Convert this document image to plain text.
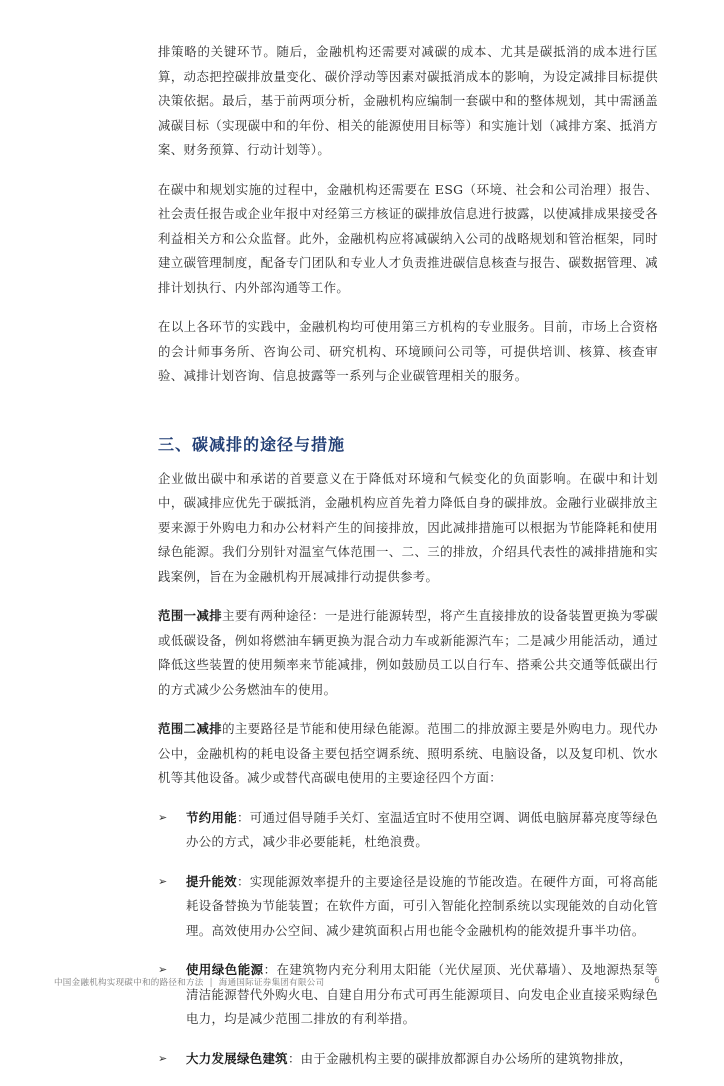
排策略的关键环节。随后，金融机构还需要对减碳的成本、尤其是碳抵消的成本进行匡算，动态把控碳排放量变化、碳价浮动等因素对碳抵消成本的影响，为设定减排目标提供决策依据。最后，基于前两项分析，金融机构应编制一套碳中和的整体规划，其中需涵盖减碳目标（实现碳中和的年份、相关的能源使用目标等）和实施计划（减排方案、抵消方案、财务预算、行动计划等）。

在碳中和规划实施的过程中，金融机构还需要在 ESG（环境、社会和公司治理）报告、社会责任报告或企业年报中对经第三方核证的碳排放信息进行披露，以使减排成果接受各利益相关方和公众监督。此外，金融机构应将减碳纳入公司的战略规划和管治框架，同时建立碳管理制度，配备专门团队和专业人才负责推进碳信息核查与报告、碳数据管理、减排计划执行、内外部沟通等工作。

在以上各环节的实践中，金融机构均可使用第三方机构的专业服务。目前，市场上合资格的会计师事务所、咨询公司、研究机构、环境顾问公司等，可提供培训、核算、核查审验、减排计划咨询、信息披露等一系列与企业碳管理相关的服务。

三、碳减排的途径与措施

企业做出碳中和承诺的首要意义在于降低对环境和气候变化的负面影响。在碳中和计划中，碳减排应优先于碳抵消，金融机构应首先着力降低自身的碳排放。金融行业碳排放主要来源于外购电力和办公材料产生的间接排放，因此减排措施可以根据为节能降耗和使用绿色能源。我们分别针对温室气体范围一、二、三的排放，介绍具代表性的减排措施和实践案例，旨在为金融机构开展减排行动提供参考。

范围一减排主要有两种途径：一是进行能源转型，将产生直接排放的设备装置更换为零碳或低碳设备，例如将燃油车辆更换为混合动力车或新能源汽车；二是减少用能活动，通过降低这些装置的使用频率来节能减排，例如鼓励员工以自行车、搭乘公共交通等低碳出行的方式减少公务燃油车的使用。

范围二减排的主要路径是节能和使用绿色能源。范围二的排放源主要是外购电力。现代办公中，金融机构的耗电设备主要包括空调系统、照明系统、电脑设备，以及复印机、饮水机等其他设备。减少或替代高碳电使用的主要途径四个方面：

➢	节约用能：可通过倡导随手关灯、室温适宜时不使用空调、调低电脑屏幕亮度等绿色办公的方式，减少非必要能耗，杜绝浪费。
➢	提升能效：实现能源效率提升的主要途径是设施的节能改造。在硬件方面，可将高能耗设备替换为节能装置；在软件方面，可引入智能化控制系统以实现能效的自动化管理。高效使用办公空间、减少建筑面积占用也能令金融机构的能效提升事半功倍。
➢	使用绿色能源：在建筑物内充分利用太阳能（光伏屋顶、光伏幕墙）、及地源热泵等清洁能源替代外购火电、自建自用分布式可再生能源项目、向发电企业直接采购绿色电力，均是减少范围二排放的有利举措。
➢	大力发展绿色建筑：由于金融机构主要的碳排放都源自办公场所的建筑物排放，
中国金融机构实现碳中和的路径和方法 | 海通国际证券集团有限公司	6
